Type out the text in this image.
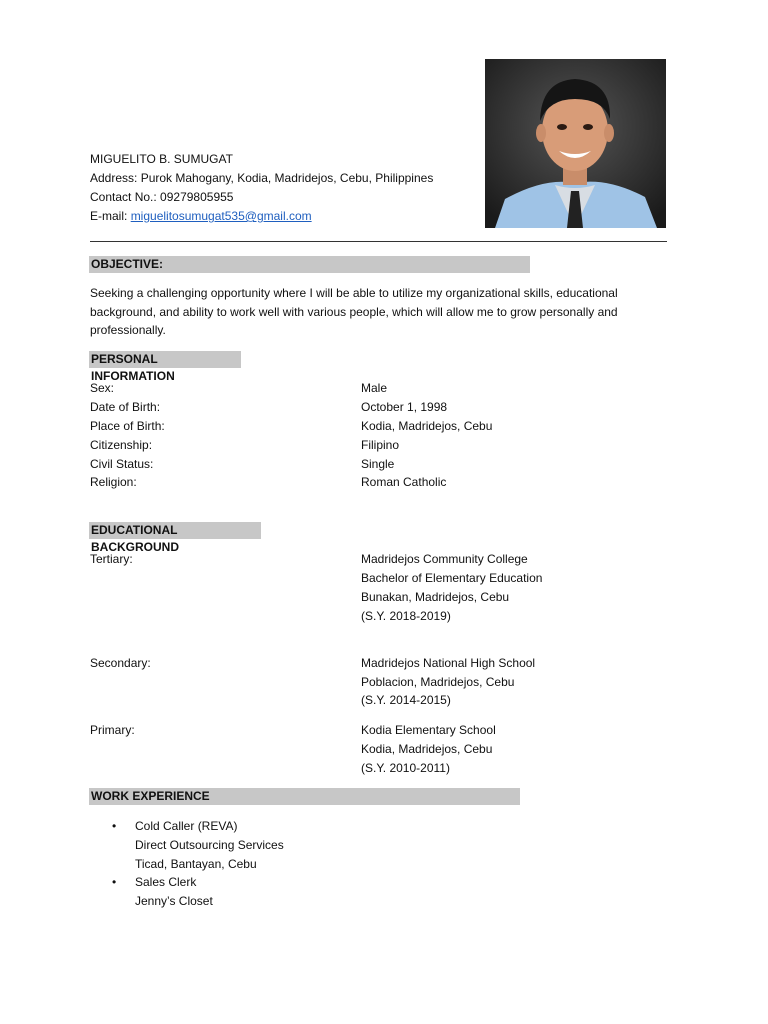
MIGUELITO B. SUMUGAT
Address: Purok Mahogany, Kodia, Madridejos, Cebu, Philippines
Contact No.: 09279805955
E-mail: miguelitosumugat535@gmail.com
OBJECTIVE:
Seeking a challenging opportunity where I will be able to utilize my organizational skills, educational
background, and ability to work well with various people, which will allow me to grow personally and
professionally.
PERSONAL INFORMATION
Sex:	Male
Date of Birth:	October 1, 1998
Place of Birth:	Kodia, Madridejos, Cebu
Citizenship:	Filipino
Civil Status:	Single
Religion:	Roman Catholic
EDUCATIONAL BACKGROUND
Tertiary:	Madridejos Community College
Bachelor of Elementary Education
Bunakan, Madridejos, Cebu
(S.Y. 2018-2019)
Secondary:	Madridejos National High School
Poblacion, Madridejos, Cebu
(S.Y. 2014-2015)
Primary:	Kodia Elementary School
Kodia, Madridejos, Cebu
(S.Y. 2010-2011)
WORK EXPERIENCE
• Cold Caller (REVA)
Direct Outsourcing Services
Ticad, Bantayan, Cebu
• Sales Clerk
Jenny’s Closet
